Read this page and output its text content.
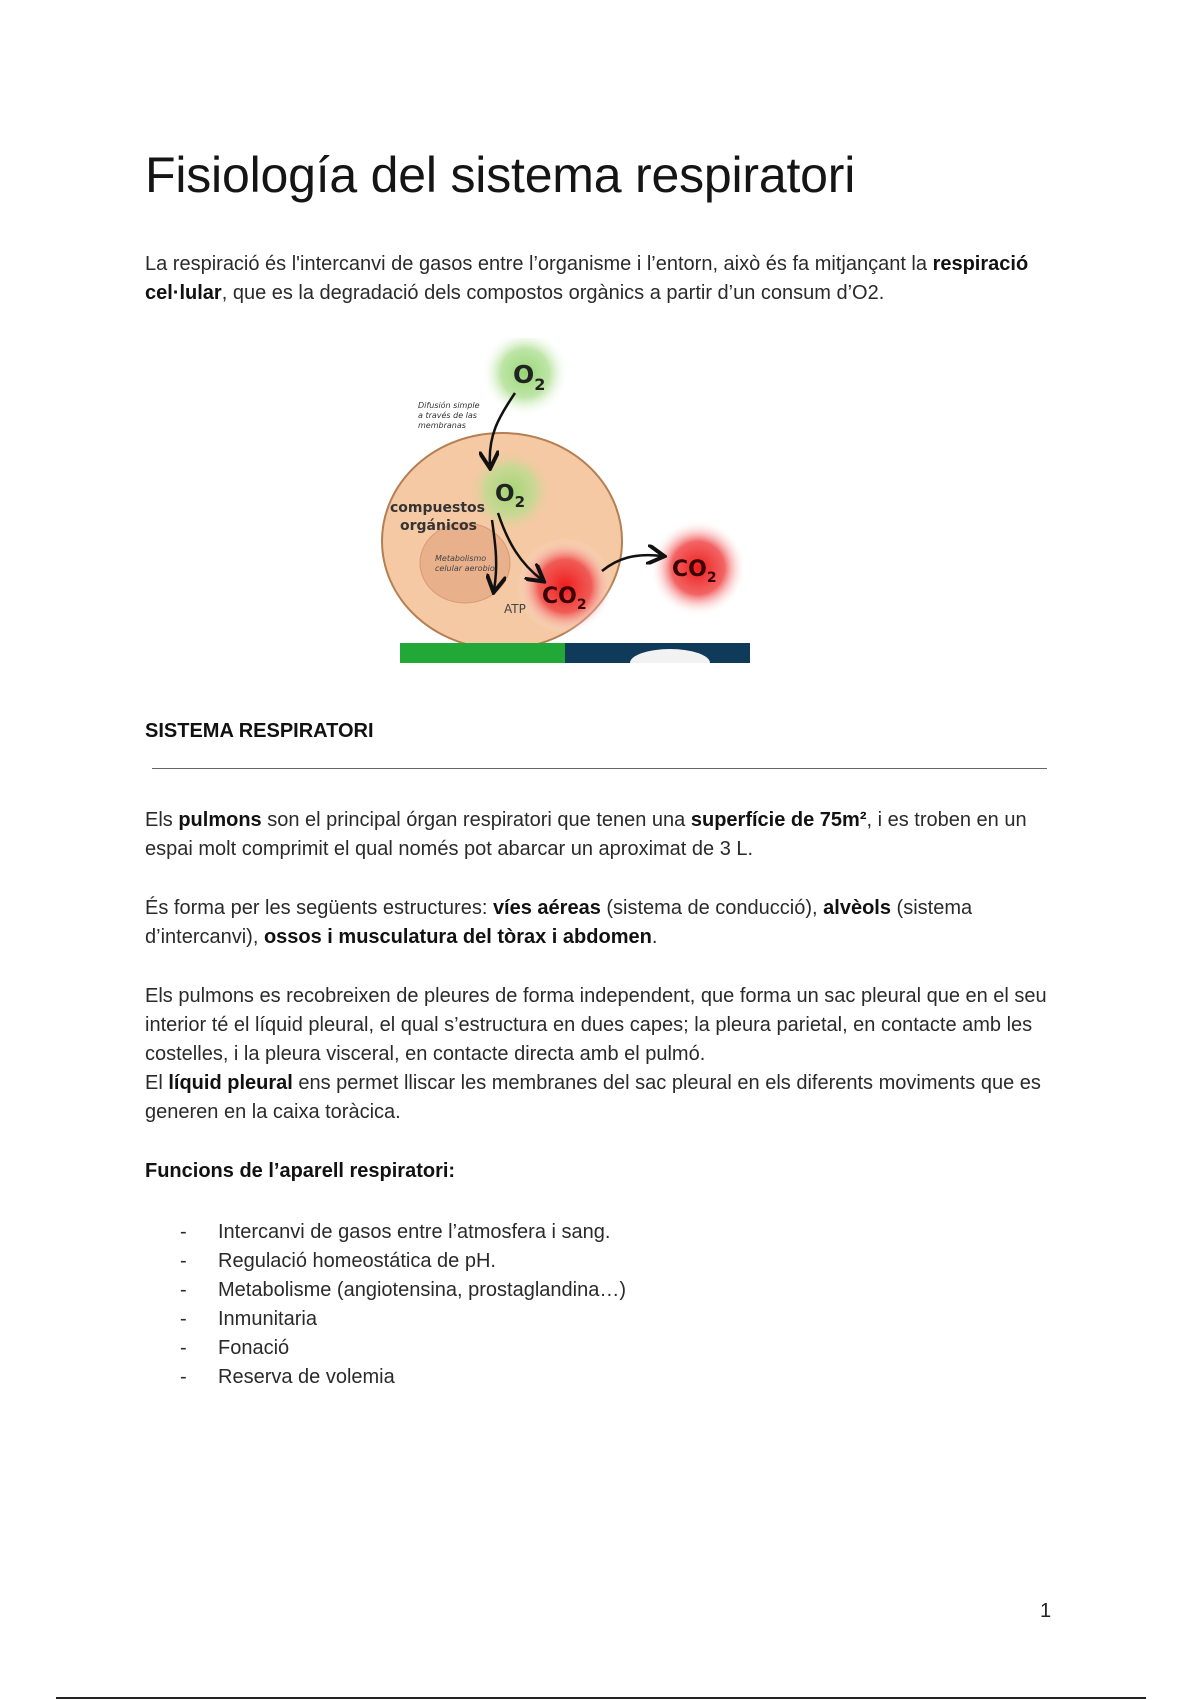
Fisiología del sistema respiratori

La respiració és l'intercanvi de gasos entre l’organisme i l’entorn, això és fa mitjançant la respiració cel·lular, que es la degradació dels compostos orgànics a partir d’un consum d’O2.

$O_2$
Difusión simple
a través de las
membranas
$O_2$
compuestos
orgánicos
Metabolismo
celular aerobio
ATP $CO_2$
$CO_2$
SISTEMA RESPIRATORI

Els pulmons son el principal órgan respiratori que tenen una superfície de 75m², i es troben en un espai molt comprimit el qual només pot abarcar un aproximat de 3 L.

És forma per les següents estructures: víes aéreas (sistema de conducció), alvèols (sistema d’intercanvi), ossos i musculatura del tòrax i abdomen.

Els pulmons es recobreixen de pleures de forma independent, que forma un sac pleural que en el seu interior té el líquid pleural, el qual s’estructura en dues capes; la pleura parietal, en contacte amb les costelles, i la pleura visceral, en contacte directa amb el pulmó.
El líquid pleural ens permet lliscar les membranes del sac pleural en els diferents moviments que es generen en la caixa toràcica.

Funcions de l’aparell respiratori:
- Intercanvi de gasos entre l’atmosfera i sang.
- Regulació homeostática de pH.
- Metabolisme (angiotensina, prostaglandina…)
- Inmunitaria
- Fonació
- Reserva de volemia
1
